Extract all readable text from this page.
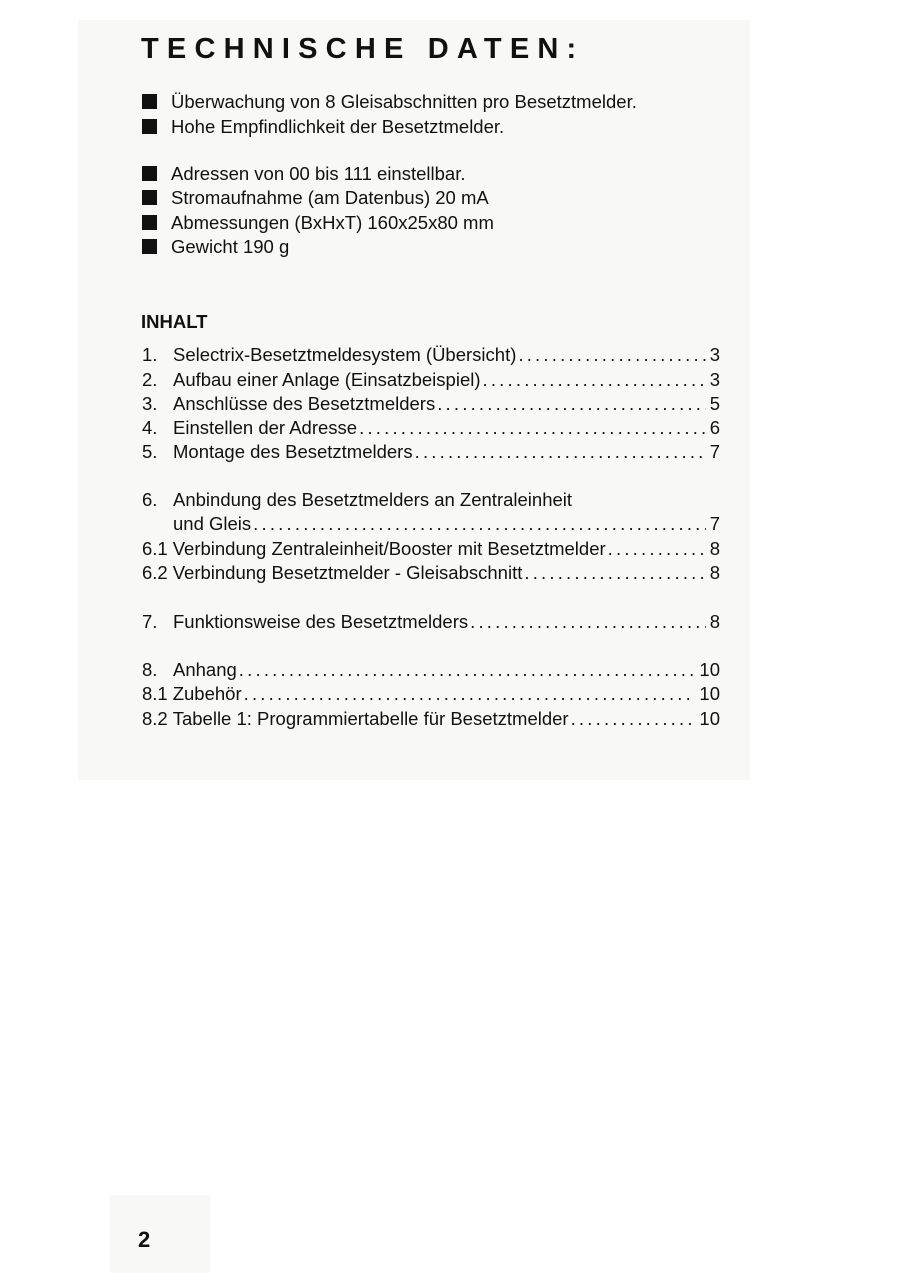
TECHNISCHE DATEN:
Überwachung von 8 Gleisabschnitten pro Besetztmelder.
Hohe Empfindlichkeit der Besetztmelder.
Adressen von 00 bis 111 einstellbar.
Stromaufnahme (am Datenbus) 20 mA
Abmessungen (BxHxT) 160x25x80 mm
Gewicht 190 g
INHALT
1. Selectrix-Besetztmeldesystem (Übersicht) .....	3
2. Aufbau einer Anlage (Einsatzbeispiel) .....	3
3. Anschlüsse des Besetztmelders .....	5
4. Einstellen der Adresse .....	6
5. Montage des Besetztmelders .....	7
6. Anbindung des Besetztmelders an Zentraleinheit
und Gleis .....	7
6.1 Verbindung Zentraleinheit/Booster mit Besetztmelder .....	8
6.2 Verbindung Besetztmelder - Gleisabschnitt .....	8
7. Funktionsweise des Besetztmelders .....	8
8. Anhang .....	10
8.1 Zubehör .....	10
8.2 Tabelle 1: Programmiertabelle für Besetztmelder .....	10
2
